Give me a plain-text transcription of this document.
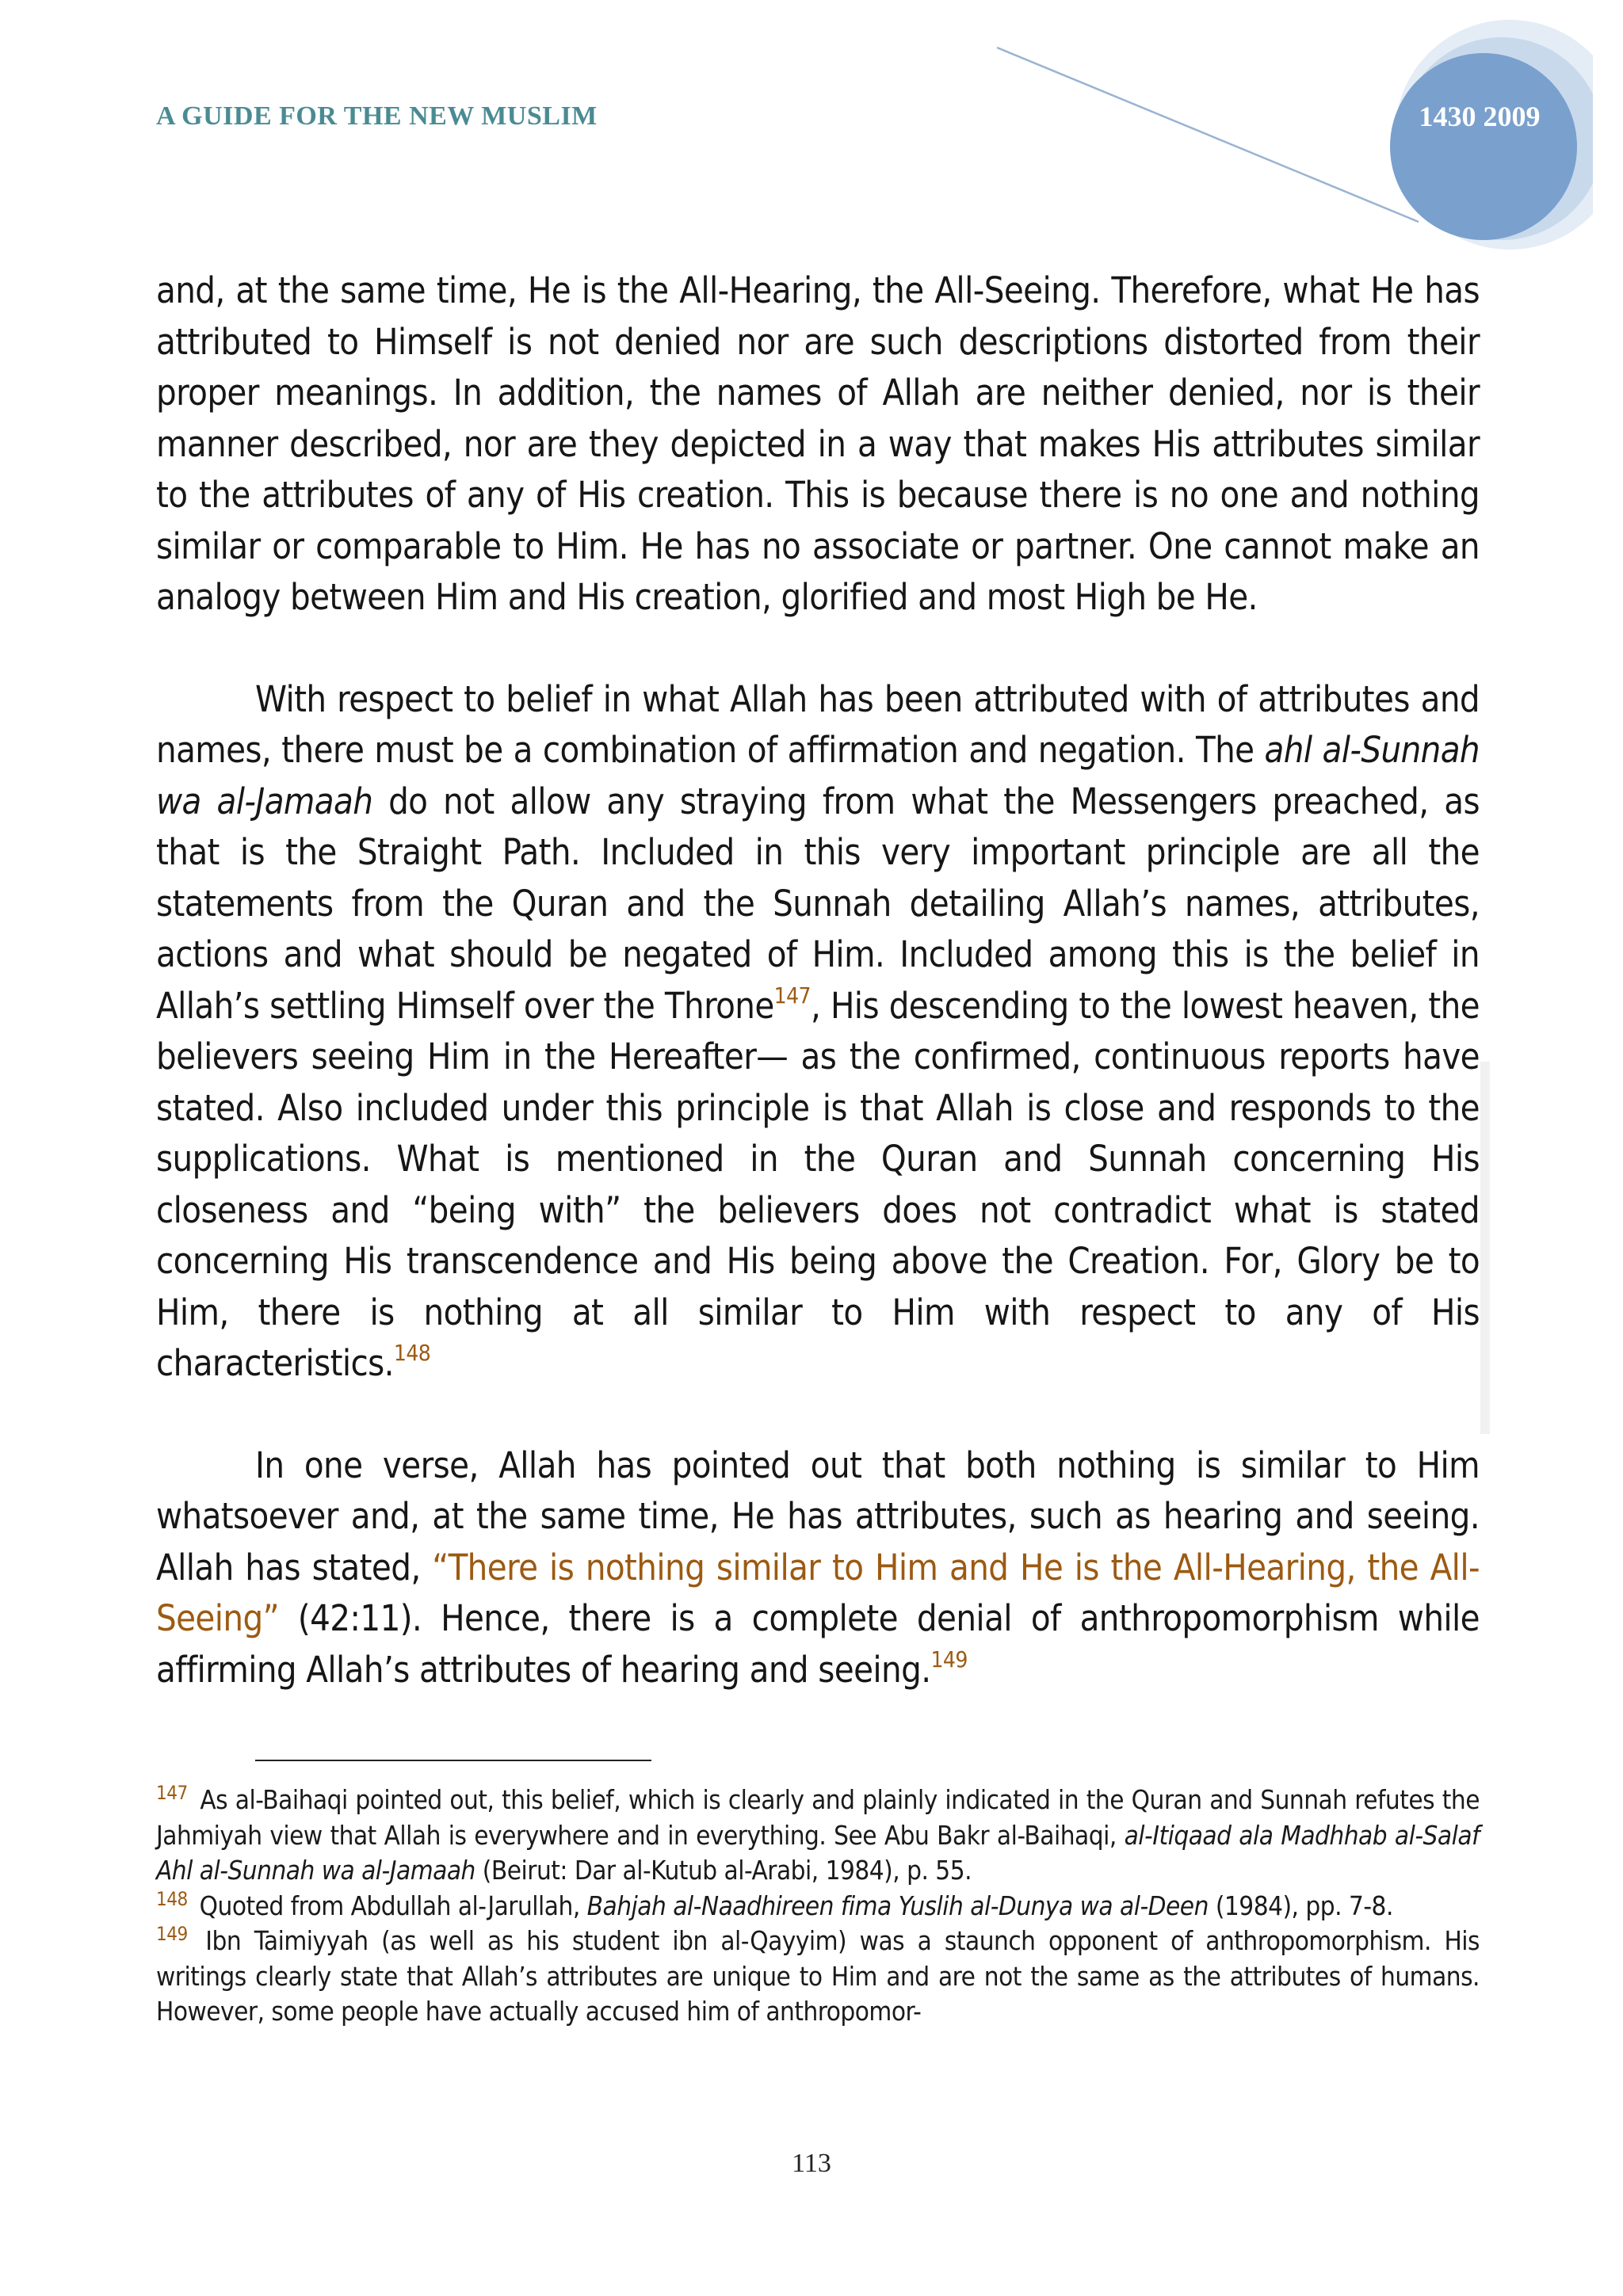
A GUIDE FOR THE NEW MUSLIM	1430 2009

and, at the same time, He is the All-Hearing, the All-Seeing. Therefore, what He has attributed to Himself is not denied nor are such descriptions distorted from their proper meanings. In addition, the names of Allah are neither denied, nor is their manner described, nor are they depicted in a way that makes His attributes similar to the attributes of any of His creation. This is because there is no one and nothing similar or comparable to Him. He has no associate or partner. One cannot make an analogy between Him and His creation, glorified and most High be He.

With respect to belief in what Allah has been attributed with of attributes and names, there must be a combination of affirmation and negation. The ahl al-Sunnah wa al-Jamaah do not allow any straying from what the Messengers preached, as that is the Straight Path. Included in this very important principle are all the statements from the Quran and the Sunnah detailing Allah’s names, attributes, actions and what should be negated of Him. Included among this is the belief in Allah’s settling Himself over the Throne$^{147}$, His descending to the lowest heaven, the believers seeing Him in the Hereafter— as the confirmed, continuous reports have stated. Also included under this principle is that Allah is close and responds to the supplications. What is mentioned in the Quran and Sunnah concerning His closeness and “being with” the believers does not contradict what is stated concerning His transcendence and His being above the Creation. For, Glory be to Him, there is nothing at all similar to Him with respect to any of His characteristics.$^{148}$

In one verse, Allah has pointed out that both nothing is similar to Him whatsoever and, at the same time, He has attributes, such as hearing and seeing. Allah has stated, “There is nothing similar to Him and He is the All-Hearing, the All-Seeing” (42:11). Hence, there is a complete denial of anthropomorphism while affirming Allah’s attributes of hearing and seeing.$^{149}$

$^{147}$ As al-Baihaqi pointed out, this belief, which is clearly and plainly indicated in the Quran and Sunnah refutes the Jahmiyah view that Allah is everywhere and in everything. See Abu Bakr al-Baihaqi, al-Itiqaad ala Madhhab al-Salaf Ahl al-Sunnah wa al-Jamaah (Beirut: Dar al-Kutub al-Arabi, 1984), p. 55.

$^{148}$ Quoted from Abdullah al-Jarullah, Bahjah al-Naadhireen fima Yuslih al-Dunya wa al-Deen (1984), pp. 7-8.

$^{149}$ Ibn Taimiyyah (as well as his student ibn al-Qayyim) was a staunch opponent of anthropomorphism. His writings clearly state that Allah’s attributes are unique to Him and are not the same as the attributes of humans. However, some people have actually accused him of anthropomor-

113
